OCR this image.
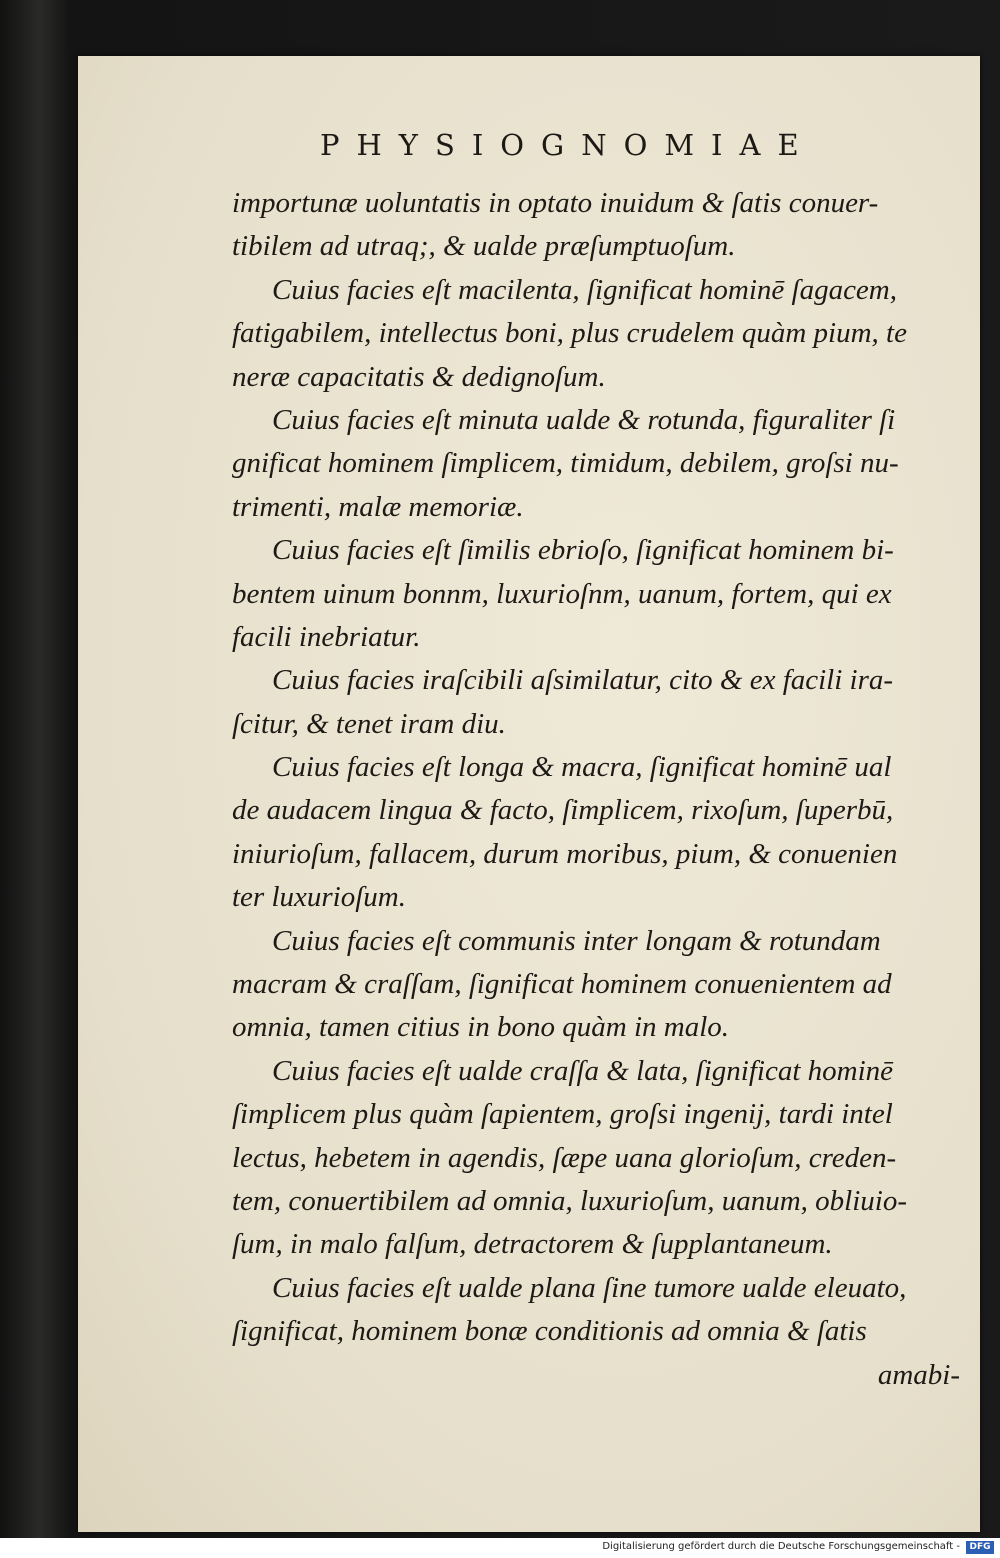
PHYSIOGNOMIAE
importunæ uoluntatis in optato inuidum & ſatis conuer-
tibilem ad utraq;, & ualde præſumptuoſum.
Cuius facies eſt macilenta, ſignificat hominē ſagacem,
fatigabilem, intellectus boni, plus crudelem quàm pium, te
neræ capacitatis & dedignoſum.
Cuius facies eſt minuta ualde & rotunda, figuraliter ſi
gnificat hominem ſimplicem, timidum, debilem, groſsi nu-
trimenti, malæ memoriæ.
Cuius facies eſt ſimilis ebrioſo, ſignificat hominem bi-
bentem uinum bonnm, luxurioſnm, uanum, fortem, qui ex
facili inebriatur.
Cuius facies iraſcibili aſsimilatur, cito & ex facili ira-
ſcitur, & tenet iram diu.
Cuius facies eſt longa & macra, ſignificat hominē ual
de audacem lingua & facto, ſimplicem, rixoſum, ſuperbū,
iniurioſum, fallacem, durum moribus, pium, & conuenien
ter luxurioſum.
Cuius facies eſt communis inter longam & rotundam
macram & craſſam, ſignificat hominem conuenientem ad
omnia, tamen citius in bono quàm in malo.
Cuius facies eſt ualde craſſa & lata, ſignificat hominē
ſimplicem plus quàm ſapientem, groſsi ingenij, tardi intel
lectus, hebetem in agendis, ſæpe uana glorioſum, creden-
tem, conuertibilem ad omnia, luxurioſum, uanum, obliuio-
ſum, in malo falſum, detractorem & ſupplantaneum.
Cuius facies eſt ualde plana ſine tumore ualde eleuato,
ſignificat, hominem bonæ conditionis ad omnia & ſatis
amabi-
Digitalisierung gefördert durch die Deutsche Forschungsgemeinschaft -	DFG
